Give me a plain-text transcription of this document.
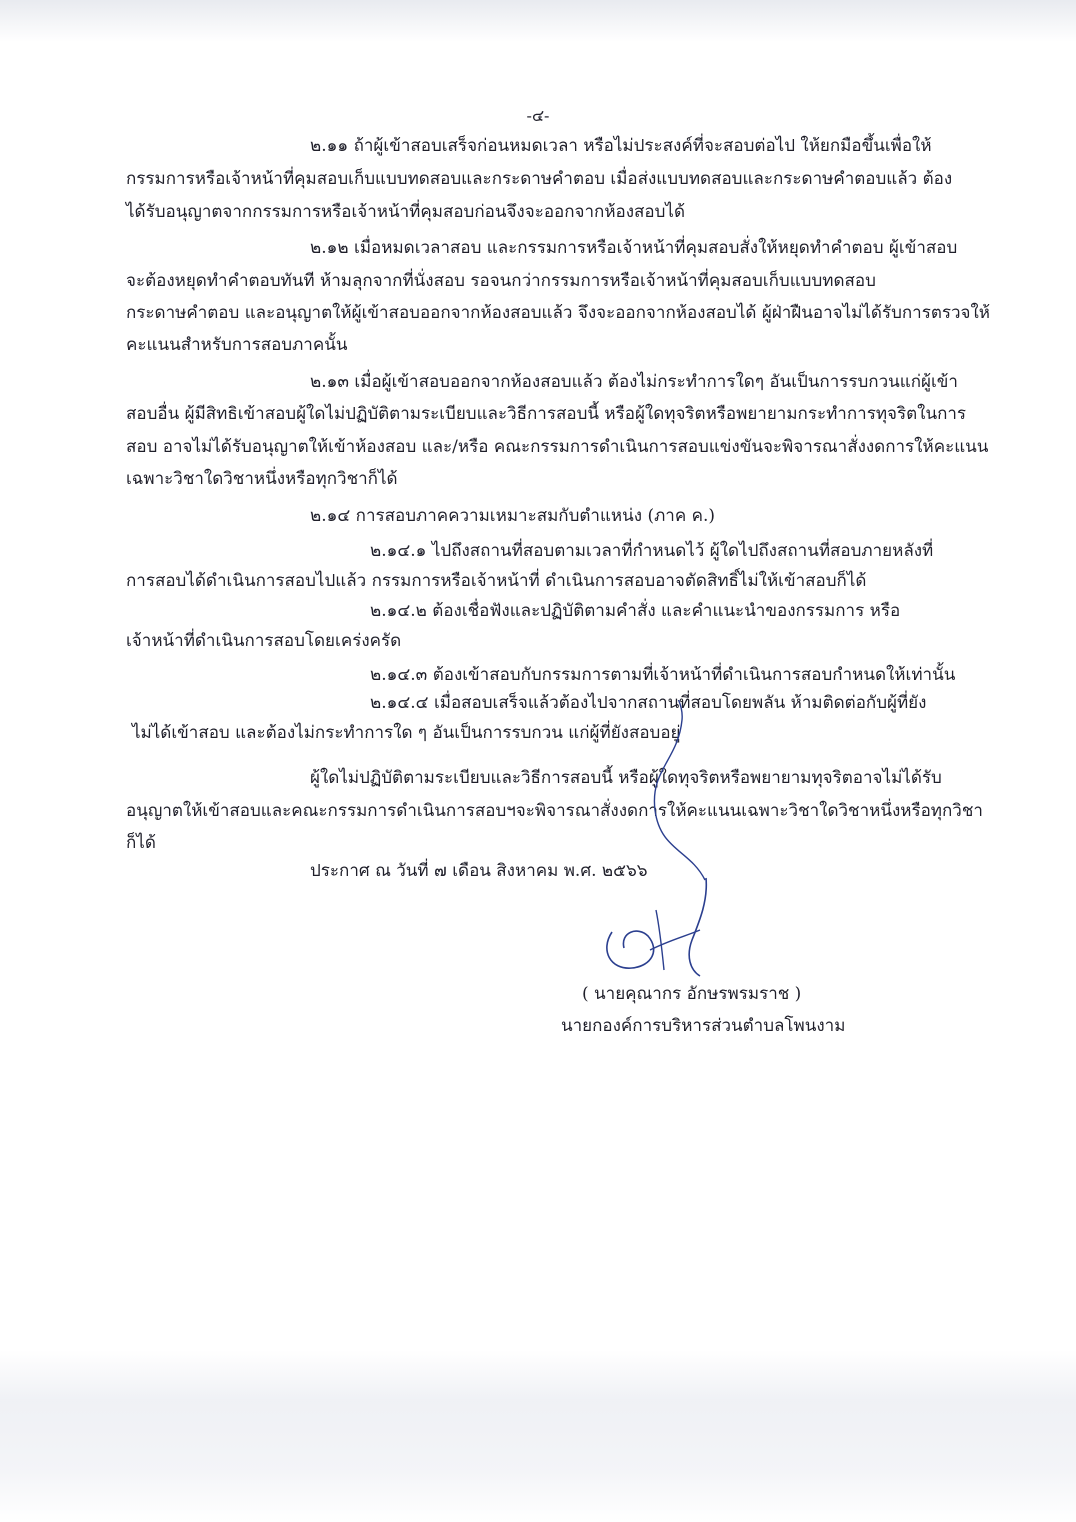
-๔-

๒.๑๑ ถ้าผู้เข้าสอบเสร็จก่อนหมดเวลา หรือไม่ประสงค์ที่จะสอบต่อไป ให้ยกมือขึ้นเพื่อให้

กรรมการหรือเจ้าหน้าที่คุมสอบเก็บแบบทดสอบและกระดาษคำตอบ เมื่อส่งแบบทดสอบและกระดาษคำตอบแล้ว ต้อง

ได้รับอนุญาตจากกรรมการหรือเจ้าหน้าที่คุมสอบก่อนจึงจะออกจากห้องสอบได้

๒.๑๒ เมื่อหมดเวลาสอบ และกรรมการหรือเจ้าหน้าที่คุมสอบสั่งให้หยุดทำคำตอบ ผู้เข้าสอบ

จะต้องหยุดทำคำตอบทันที ห้ามลุกจากที่นั่งสอบ รอจนกว่ากรรมการหรือเจ้าหน้าที่คุมสอบเก็บแบบทดสอบ

กระดาษคำตอบ และอนุญาตให้ผู้เข้าสอบออกจากห้องสอบแล้ว จึงจะออกจากห้องสอบได้ ผู้ฝ่าฝืนอาจไม่ได้รับการตรวจให้

คะแนนสำหรับการสอบภาคนั้น

๒.๑๓ เมื่อผู้เข้าสอบออกจากห้องสอบแล้ว ต้องไม่กระทำการใดๆ อันเป็นการรบกวนแก่ผู้เข้า

สอบอื่น ผู้มีสิทธิเข้าสอบผู้ใดไม่ปฏิบัติตามระเบียบและวิธีการสอบนี้ หรือผู้ใดทุจริตหรือพยายามกระทำการทุจริตในการ

สอบ อาจไม่ได้รับอนุญาตให้เข้าห้องสอบ และ/หรือ คณะกรรมการดำเนินการสอบแข่งขันจะพิจารณาสั่งงดการให้คะแนน

เฉพาะวิชาใดวิชาหนึ่งหรือทุกวิชาก็ได้

๒.๑๔ การสอบภาคความเหมาะสมกับตำแหน่ง (ภาค ค.)

๒.๑๔.๑ ไปถึงสถานที่สอบตามเวลาที่กำหนดไว้ ผู้ใดไปถึงสถานที่สอบภายหลังที่

การสอบได้ดำเนินการสอบไปแล้ว กรรมการหรือเจ้าหน้าที่ ดำเนินการสอบอาจตัดสิทธิ์ไม่ให้เข้าสอบก็ได้

๒.๑๔.๒ ต้องเชื่อฟังและปฏิบัติตามคำสั่ง และคำแนะนำของกรรมการ หรือ

เจ้าหน้าที่ดำเนินการสอบโดยเคร่งครัด

๒.๑๔.๓ ต้องเข้าสอบกับกรรมการตามที่เจ้าหน้าที่ดำเนินการสอบกำหนดให้เท่านั้น

๒.๑๔.๔ เมื่อสอบเสร็จแล้วต้องไปจากสถานที่สอบโดยพลัน ห้ามติดต่อกับผู้ที่ยัง

ไม่ได้เข้าสอบ และต้องไม่กระทำการใด ๆ อันเป็นการรบกวน แก่ผู้ที่ยังสอบอยู่

ผู้ใดไม่ปฏิบัติตามระเบียบและวิธีการสอบนี้ หรือผู้ใดทุจริตหรือพยายามทุจริตอาจไม่ได้รับ

อนุญาตให้เข้าสอบและคณะกรรมการดำเนินการสอบฯจะพิจารณาสั่งงดการให้คะแนนเฉพาะวิชาใดวิชาหนึ่งหรือทุกวิชา

ก็ได้

ประกาศ ณ วันที่ ๗ เดือน สิงหาคม พ.ศ. ๒๕๖๖

( นายคุณากร อักษรพรมราช )
นายกองค์การบริหารส่วนตำบลโพนงาม
